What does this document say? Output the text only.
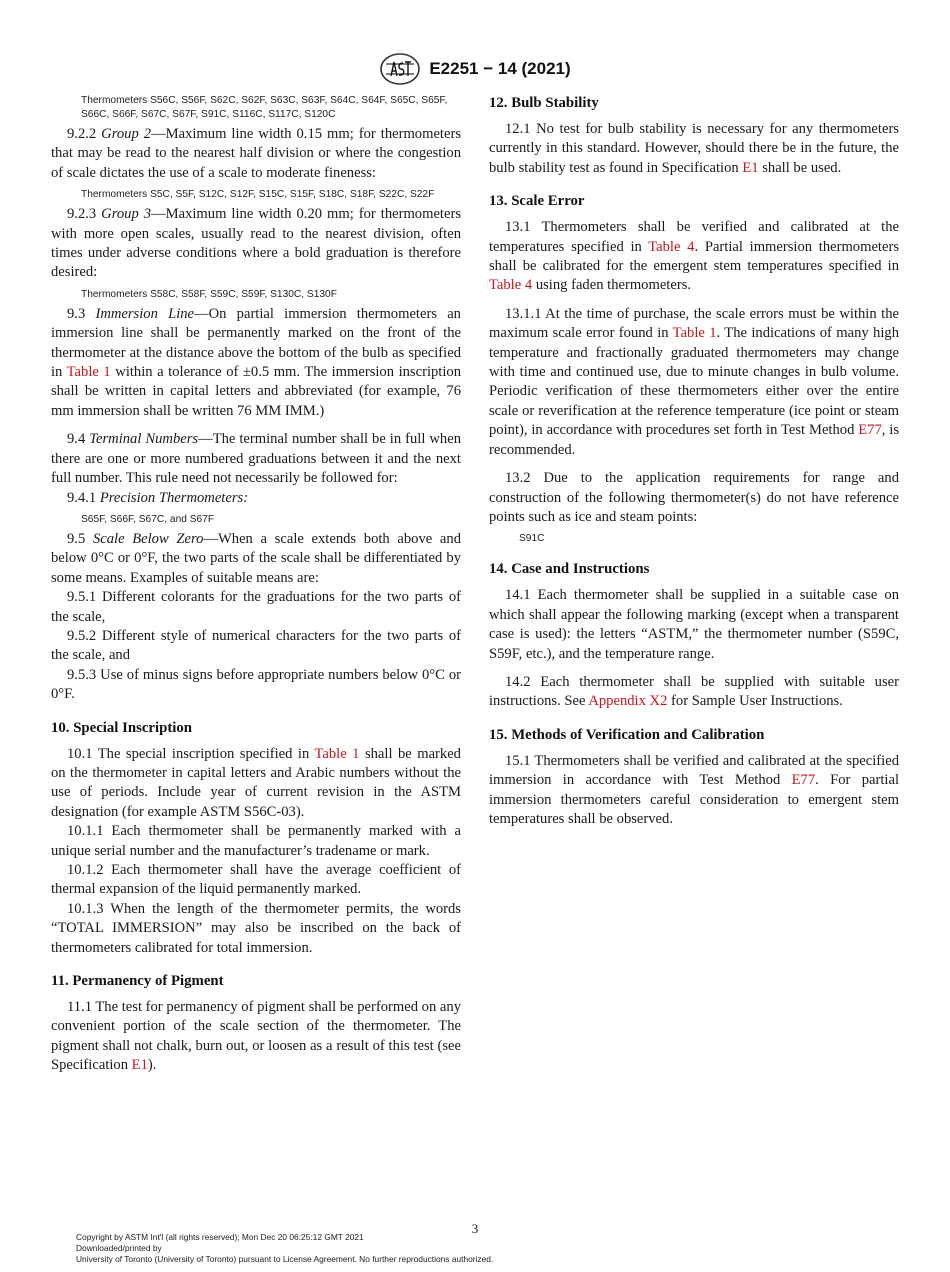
E2251 − 14 (2021)
Thermometers S56C, S56F, S62C, S62F, S63C, S63F, S64C, S64F, S65C, S65F, S66C, S66F, S67C, S67F, S91C, S116C, S117C, S120C

9.2.2 Group 2—Maximum line width 0.15 mm; for thermometers that may be read to the nearest half division or where the congestion of scale dictates the use of a scale to moderate fineness:

Thermometers S5C, S5F, S12C, S12F, S15C, S15F, S18C, S18F, S22C, S22F

9.2.3 Group 3—Maximum line width 0.20 mm; for thermometers with more open scales, usually read to the nearest division, often times under adverse conditions where a bold graduation is therefore desired:

Thermometers S58C, S58F, S59C, S59F, S130C, S130F

9.3 Immersion Line—On partial immersion thermometers an immersion line shall be permanently marked on the front of the thermometer at the distance above the bottom of the bulb as specified in Table 1 within a tolerance of ±0.5 mm. The immersion inscription shall be written in capital letters and abbreviated (for example, 76 mm immersion shall be written 76 MM IMM.)

9.4 Terminal Numbers—The terminal number shall be in full when there are one or more numbered graduations between it and the next full number. This rule need not necessarily be followed for:

9.4.1 Precision Thermometers:

S65F, S66F, S67C, and S67F

9.5 Scale Below Zero—When a scale extends both above and below 0°C or 0°F, the two parts of the scale shall be differentiated by some means. Examples of suitable means are:

9.5.1 Different colorants for the graduations for the two parts of the scale,

9.5.2 Different style of numerical characters for the two parts of the scale, and

9.5.3 Use of minus signs before appropriate numbers below 0°C or 0°F.

10. Special Inscription

10.1 The special inscription specified in Table 1 shall be marked on the thermometer in capital letters and Arabic numbers without the use of periods. Include year of current revision in the ASTM designation (for example ASTM S56C-03).

10.1.1 Each thermometer shall be permanently marked with a unique serial number and the manufacturer’s tradename or mark.

10.1.2 Each thermometer shall have the average coefficient of thermal expansion of the liquid permanently marked.

10.1.3 When the length of the thermometer permits, the words “TOTAL IMMERSION” may also be inscribed on the back of thermometers calibrated for total immersion.

11. Permanency of Pigment

11.1 The test for permanency of pigment shall be performed on any convenient portion of the scale section of the thermometer. The pigment shall not chalk, burn out, or loosen as a result of this test (see Specification E1).

12. Bulb Stability

12.1 No test for bulb stability is necessary for any thermometers currently in this standard. However, should there be in the future, the bulb stability test as found in Specification E1 shall be used.

13. Scale Error

13.1 Thermometers shall be verified and calibrated at the temperatures specified in Table 4. Partial immersion thermometers shall be calibrated for the emergent stem temperatures specified in Table 4 using faden thermometers.

13.1.1 At the time of purchase, the scale errors must be within the maximum scale error found in Table 1. The indications of many high temperature and fractionally graduated thermometers may change with time and continued use, due to minute changes in bulb volume. Periodic verification of these thermometers either over the entire scale or reverification at the reference temperature (ice point or steam point), in accordance with procedures set forth in Test Method E77, is recommended.

13.2 Due to the application requirements for range and construction of the following thermometer(s) do not have reference points such as ice and steam points:

S91C
14. Case and Instructions

14.1 Each thermometer shall be supplied in a suitable case on which shall appear the following marking (except when a transparent case is used): the letters “ASTM,” the thermometer number (S59C, S59F, etc.), and the temperature range.

14.2 Each thermometer shall be supplied with suitable user instructions. See Appendix X2 for Sample User Instructions.

15. Methods of Verification and Calibration

15.1 Thermometers shall be verified and calibrated at the specified immersion in accordance with Test Method E77. For partial immersion thermometers careful consideration to emergent stem temperatures shall be observed.

3
Copyright by ASTM Int'l (all rights reserved); Mon Dec 20 06:25:12 GMT 2021
Downloaded/printed by
University of Toronto (University of Toronto) pursuant to License Agreement. No further reproductions authorized.
